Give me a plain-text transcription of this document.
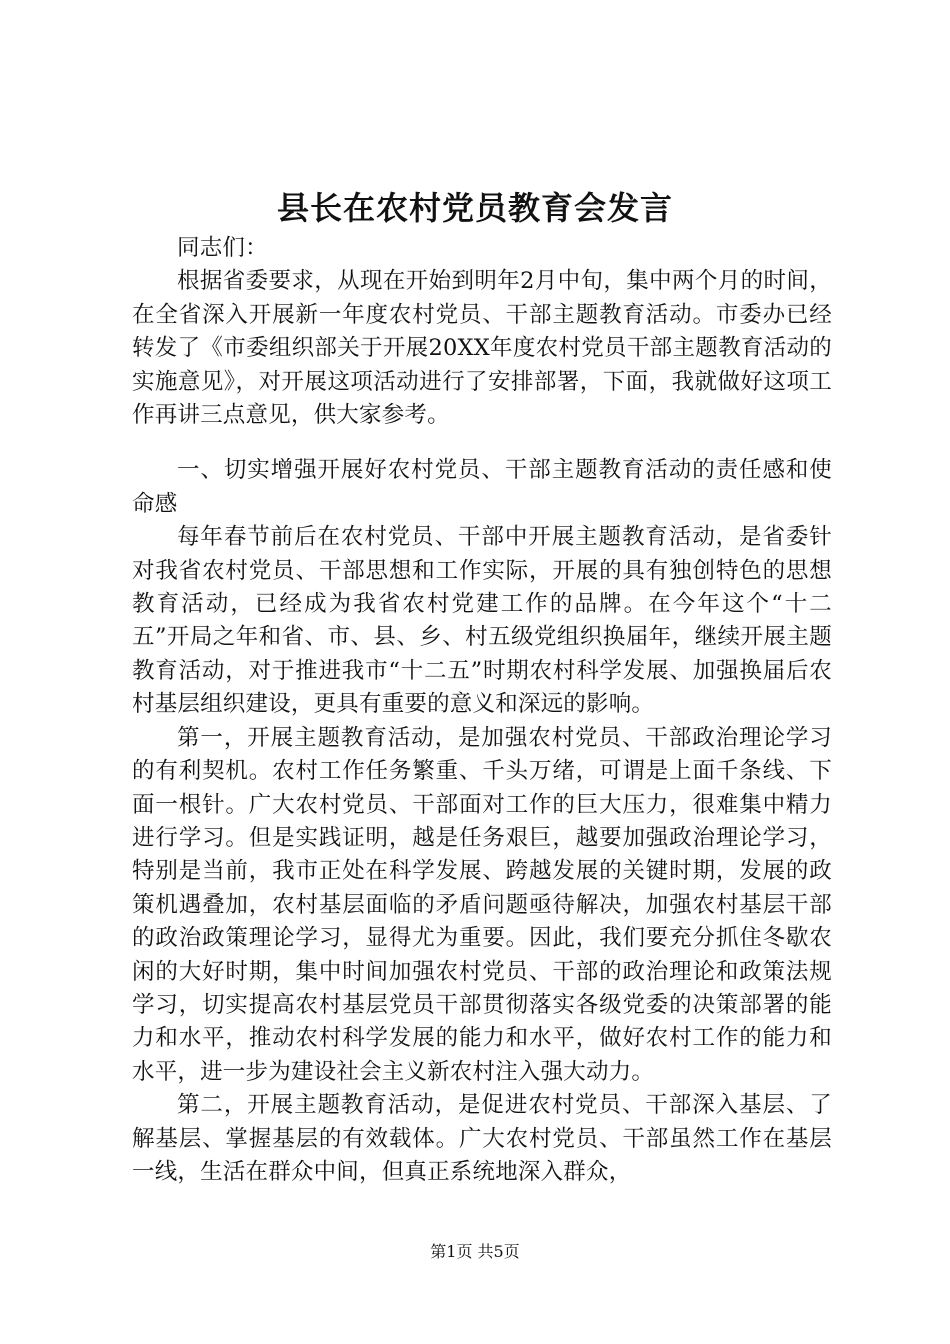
县长在农村党员教育会发言

同志们：

根据省委要求，从现在开始到明年2月中旬，集中两个月的时间，在全省深入开展新一年度农村党员、干部主题教育活动。市委办已经转发了《市委组织部关于开展20XX年度农村党员干部主题教育活动的实施意见》，对开展这项活动进行了安排部署，下面，我就做好这项工作再讲三点意见，供大家参考。

一、切实增强开展好农村党员、干部主题教育活动的责任感和使命感

每年春节前后在农村党员、干部中开展主题教育活动，是省委针对我省农村党员、干部思想和工作实际，开展的具有独创特色的思想教育活动，已经成为我省农村党建工作的品牌。在今年这个“十二五”开局之年和省、市、县、乡、村五级党组织换届年，继续开展主题教育活动，对于推进我市“十二五”时期农村科学发展、加强换届后农村基层组织建设，更具有重要的意义和深远的影响。

第一，开展主题教育活动，是加强农村党员、干部政治理论学习的有利契机。农村工作任务繁重、千头万绪，可谓是上面千条线、下面一根针。广大农村党员、干部面对工作的巨大压力，很难集中精力进行学习。但是实践证明，越是任务艰巨，越要加强政治理论学习，特别是当前，我市正处在科学发展、跨越发展的关键时期，发展的政策机遇叠加，农村基层面临的矛盾问题亟待解决，加强农村基层干部的政治政策理论学习，显得尤为重要。因此，我们要充分抓住冬歇农闲的大好时期，集中时间加强农村党员、干部的政治理论和政策法规学习，切实提高农村基层党员干部贯彻落实各级党委的决策部署的能力和水平，推动农村科学发展的能力和水平，做好农村工作的能力和水平，进一步为建设社会主义新农村注入强大动力。

第二，开展主题教育活动，是促进农村党员、干部深入基层、了解基层、掌握基层的有效载体。广大农村党员、干部虽然工作在基层一线，生活在群众中间，但真正系统地深入群众，

第1页 共5页
